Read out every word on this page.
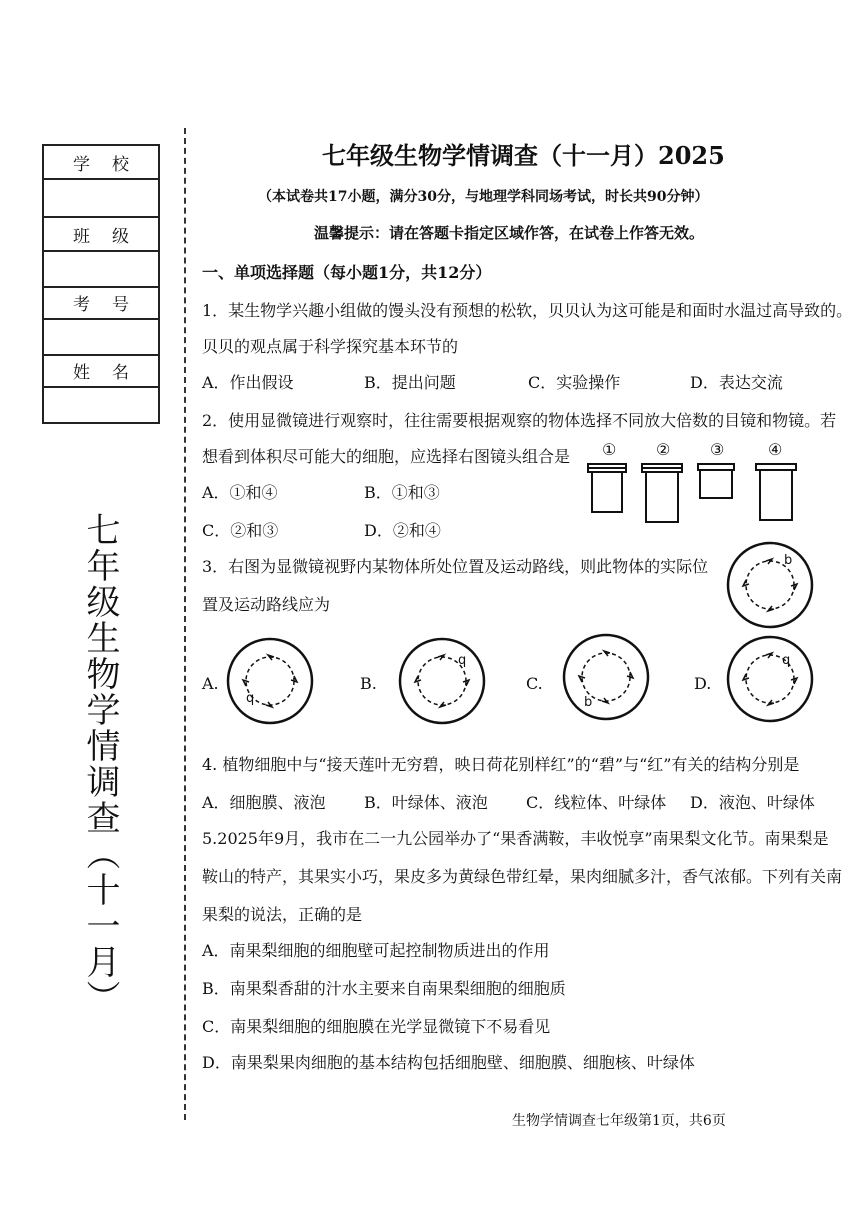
学校
班级
考号
姓名
七年级生物学情调查（十一月）
七年级生物学情调查（十一月）2025
（本试卷共17小题，满分30分，与地理学科同场考试，时长共90分钟）
温馨提示：请在答题卡指定区域作答，在试卷上作答无效。
一、单项选择题（每小题1分，共12分）
1．某生物学兴趣小组做的馒头没有预想的松软，贝贝认为这可能是和面时水温过高导致的。
贝贝的观点属于科学探究基本环节的
A．作出假设	B．提出问题	C．实验操作	D．表达交流
2．使用显微镜进行观察时，往往需要根据观察的物体选择不同放大倍数的目镜和物镜。若
想看到体积尽可能大的细胞，应选择右图镜头组合是
A．①和④	B．①和③
C．②和③	D．②和④
① ② ③	④
3．右图为显微镜视野内某物体所处位置及运动路线，则此物体的实际位
置及运动路线应为
b
A.
q
B.
q
C.
b
D.
q
4. 植物细胞中与“接天莲叶无穷碧，映日荷花别样红”的“碧”与“红”有关的结构分别是
A．细胞膜、液泡 B．叶绿体、液泡 C．线粒体、叶绿体 D．液泡、叶绿体
5.2025年9月，我市在二一九公园举办了“果香满鞍，丰收悦享”南果梨文化节。南果梨是
鞍山的特产，其果实小巧，果皮多为黄绿色带红晕，果肉细腻多汁，香气浓郁。下列有关南
果梨的说法，正确的是
A．南果梨细胞的细胞壁可起控制物质进出的作用
B．南果梨香甜的汁水主要来自南果梨细胞的细胞质
C．南果梨细胞的细胞膜在光学显微镜下不易看见
D．南果梨果肉细胞的基本结构包括细胞壁、细胞膜、细胞核、叶绿体
生物学情调查七年级第1页，共6页
